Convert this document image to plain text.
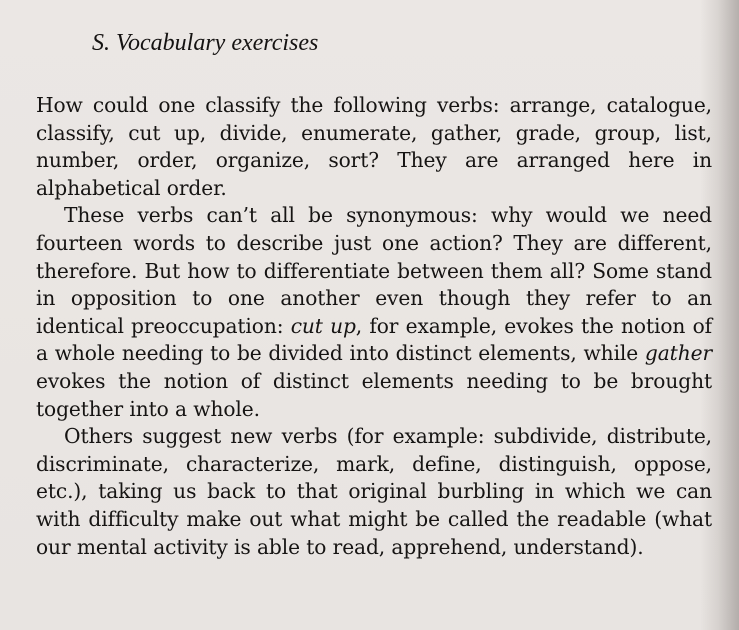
S. Vocabulary exercises

How could one classify the following verbs: arrange, catalogue, classify, cut up, divide, enumerate, gather, grade, group, list, number, order, organize, sort? They are arranged here in alphabetical order.

These verbs can’t all be synonymous: why would we need fourteen words to describe just one action? They are different, therefore. But how to differentiate between them all? Some stand in opposition to one another even though they refer to an identical preoccupation: cut up, for example, evokes the notion of a whole needing to be divided into distinct elements, while gather evokes the notion of distinct elements needing to be brought together into a whole.

Others suggest new verbs (for example: subdivide, distribute, discriminate, characterize, mark, define, distinguish, oppose, etc.), taking us back to that original burbling in which we can with difficulty make out what might be called the readable (what our mental activity is able to read, apprehend, understand).
